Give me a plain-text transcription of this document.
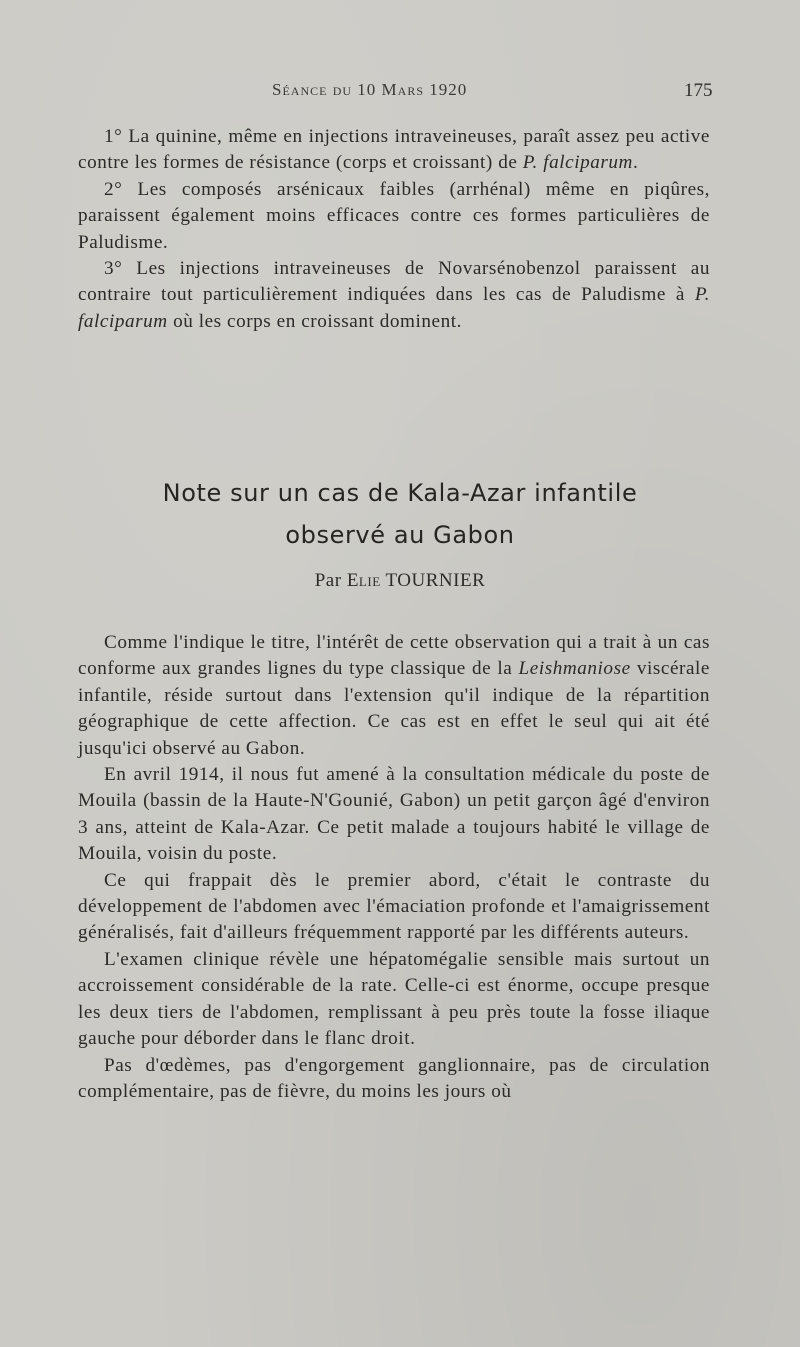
Séance du 10 Mars 1920	175

1° La quinine, même en injections intraveineuses, paraît assez peu active contre les formes de résistance (corps et croissant) de P. falciparum.

2° Les composés arsénicaux faibles (arrhénal) même en piqûres, paraissent également moins efficaces contre ces formes particulières de Paludisme.

3° Les injections intraveineuses de Novarsénobenzol paraissent au contraire tout particulièrement indiquées dans les cas de Paludisme à P. falciparum où les corps en croissant dominent.

Note sur un cas de Kala-Azar infantile
observé au Gabon
Par Elie TOURNIER

Comme l'indique le titre, l'intérêt de cette observation qui a trait à un cas conforme aux grandes lignes du type classique de la Leishmaniose viscérale infantile, réside surtout dans l'extension qu'il indique de la répartition géographique de cette affection. Ce cas est en effet le seul qui ait été jusqu'ici observé au Gabon.

En avril 1914, il nous fut amené à la consultation médicale du poste de Mouila (bassin de la Haute-N'Gounié, Gabon) un petit garçon âgé d'environ 3 ans, atteint de Kala-Azar. Ce petit malade a toujours habité le village de Mouila, voisin du poste.

Ce qui frappait dès le premier abord, c'était le contraste du développement de l'abdomen avec l'émaciation profonde et l'amaigrissement généralisés, fait d'ailleurs fréquemment rapporté par les différents auteurs.

L'examen clinique révèle une hépatomégalie sensible mais surtout un accroissement considérable de la rate. Celle-ci est énorme, occupe presque les deux tiers de l'abdomen, remplissant à peu près toute la fosse iliaque gauche pour déborder dans le flanc droit.

Pas d'œdèmes, pas d'engorgement ganglionnaire, pas de circulation complémentaire, pas de fièvre, du moins les jours où
